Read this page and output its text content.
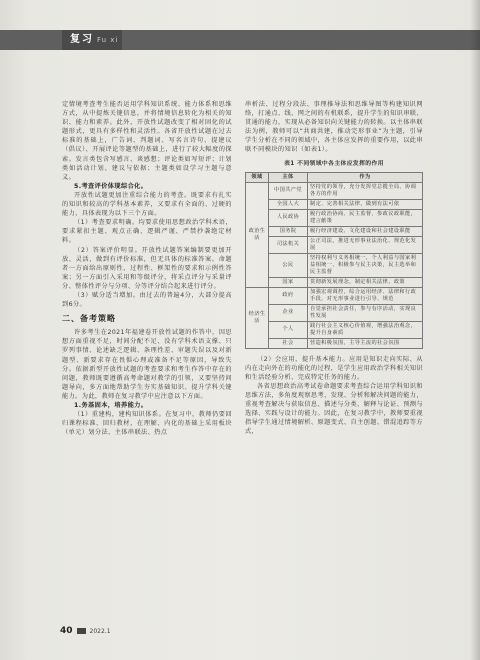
复习 Fu xi

定情境考查考生能否运用学科知识系统、能力体系和思维方式，从中提炼关键信息，并将情境信息转化为相关的知识、能力和素养。此外，开放性试题改变了相对固化的试题形式，更具有多样性和灵活性。各省开放性试题在过去标准的基础上，广告词、判题词、写名言诗句、提建议（倡议）、开展评论等题型的基础上，进行了较大幅度的探索。发言类包含写感言、谈感想；评论类如写短评；计划类如活动计划、建议与依据；主题类如设学习主题与意义。

5.考查评价体现综合化。

开放性试题更加注重综合能力的考查。既要求有扎实的知识和较高的学科基本素养，又要求有全面的、过硬的能力，具体表现为以下三个方面。

（1）考查要求明确。均要求使用思想政治学科术语，要求紧扣主题、观点正确、逻辑严谨、严禁抄袭绝定材料。

（2）答案评价明显。开放性试题答案编制要更加开放、灵活，做到有评价标准，但无具体的标准答案。命题者一方面给出原则性、过程性、框架性的要求和示例性答案；另一方面引入采用和等级评分，将采点评分与采量评分、整体性评分与分项、分等评分结合起来进行评分。

（3）赋分适当增加。由过去的普遍4分，大部分提高到6分。

二、备考策略

许多考生在2021年福建卷开放性试题的作答中，因思想方面重视不足，时间分配不足、没有学科术语支撑、只罗列事情、论述缺乏逻辑、条理性差、审题失误以及对新题型、新要求存在畏惧心理或准备不足等原因，导致失分。依据新型开放性试题的考查要求和考生作答中存在的问题，教师既要遵循高考命题对教学的引领，又要坚持问题导向，多方面地帮助学生夯实基础知识、提升学科关键能力。为此，教师在复习教学中应注意以下方面。

1.务基固本，培养能力。

（1）重建构，建构知识体系。在复习中，教师仍要回归课程标准、回归教材，在理解、内化的基础上采用板块（单元）划分法、主体串联法、热点

串析法、过程分段法、事理推导法和思维导图等构建知识网络，打通点、线、网之间的有机联系，提升学生的知识串联、贯通的能力，实现从必备知识向关键能力的转换。以主体串联法为例，教师可以“共商共建，推动完形事业”为主题，引导学生分析在不同的领域中，各主体应发挥的重要作用，以此串联不同模块的知识（如表1）。

表1 不同领域中各主体应发挥的作用
领域	主体	作为
政治生活	中国共产党	坚持党的领导，充分发挥党总揽全局、协调各方的作用
	全国人大	制定、完善相关法律，做到有法可依
	人民政协	履行政治协商、民主监督、参政议政职能，建言献策
	国务院	履行经济建设、文化建设和社会建设职能
	司法机关	公正司法，推进无形事业法治化、规范化发展
	公民	坚持权利与义务相统一，个人利益与国家利益相统一，积极参与民主决策，民主选举和民主监督
	国家	贯彻新发展理念，制定相关法律，政策
经济生活	政府	加强宏观调控，综合运用经济、法律和行政手段，对无形事业进行引导、规范
	企业	自觉承担社会责任，参与有序活动，实现良性发展
	个人	践行社会主义核心价值观，增强法治观念，提升自身素质
	社会	营造积极氛围，主导主流的社会氛围

（2）会应用，提升基本能力。应用是知识走向实际、从内在走向外在的功能化的过程，是学生应用政治学科相关知识和生活经验分析、完成特定任务的能力。

各省思想政治高考试卷命题要求考查综合运用学科知识和思维方法，多角度观察思考，发现、分析和解决问题的能力，重视考查解决与获取信息、描述与分类、解释与论证、预测与选择、实践与设计的能力。因此，在复习教学中，教师要重视指导学生通过情境解析、原题变式、自主创题、错混追踪等方式，

40	2022.1
